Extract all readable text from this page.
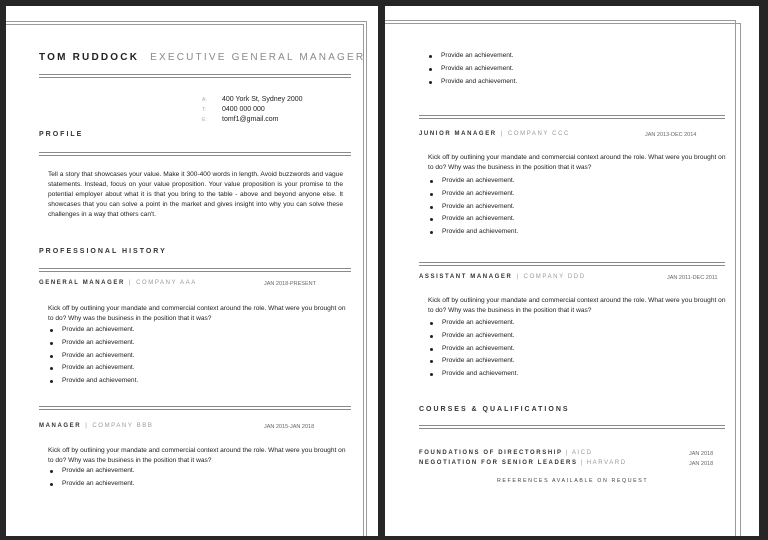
TOM RUDDOCK EXECUTIVE GENERAL MANAGER
A:	400 York St, Sydney 2000
T:	0400 000 000
E:	tomf1@gmail.com
PROFILE
Tell a story that showcases your value. Make it 300-400 words in length. Avoid buzzwords and vague statements. Instead, focus on your value proposition. Your value proposition is your promise to the potential employer about what it is that you bring to the table - above and beyond anyone else. It showcases that you can solve a point in the market and gives insight into why you can solve these challenges in a way that others can't.
PROFESSIONAL HISTORY
GENERAL MANAGER | COMPANY AAA	JAN 2018-PRESENT
Kick off by outlining your mandate and commercial context around the role. What were you brought on to do? Why was the business in the position that it was?
Provide an achievement.
Provide an achievement.
Provide an achievement.
Provide an achievement.
Provide and achievement.
MANAGER | COMPANY BBB	JAN 2015-JAN 2018
Kick off by outlining your mandate and commercial context around the role. What were you brought on to do? Why was the business in the position that it was?
Provide an achievement.
Provide an achievement.
Provide an achievement.
Provide an achievement.
Provide and achievement.
JUNIOR MANAGER | COMPANY CCC	JAN 2013-DEC 2014
Kick off by outlining your mandate and commercial context around the role. What were you brought on to do? Why was the business in the position that it was?
Provide an achievement.
Provide an achievement.
Provide an achievement.
Provide an achievement.
Provide and achievement.
ASSISTANT MANAGER | COMPANY DDD	JAN 2011-DEC 2011
Kick off by outlining your mandate and commercial context around the role. What were you brought on to do? Why was the business in the position that it was?
Provide an achievement.
Provide an achievement.
Provide an achievement.
Provide an achievement.
Provide and achievement.
COURSES & QUALIFICATIONS
FOUNDATIONS OF DIRECTORSHIP | AICD	JAN 2018
NEGOTIATION FOR SENIOR LEADERS | HARVARD	JAN 2018
REFERENCES AVAILABLE ON REQUEST
